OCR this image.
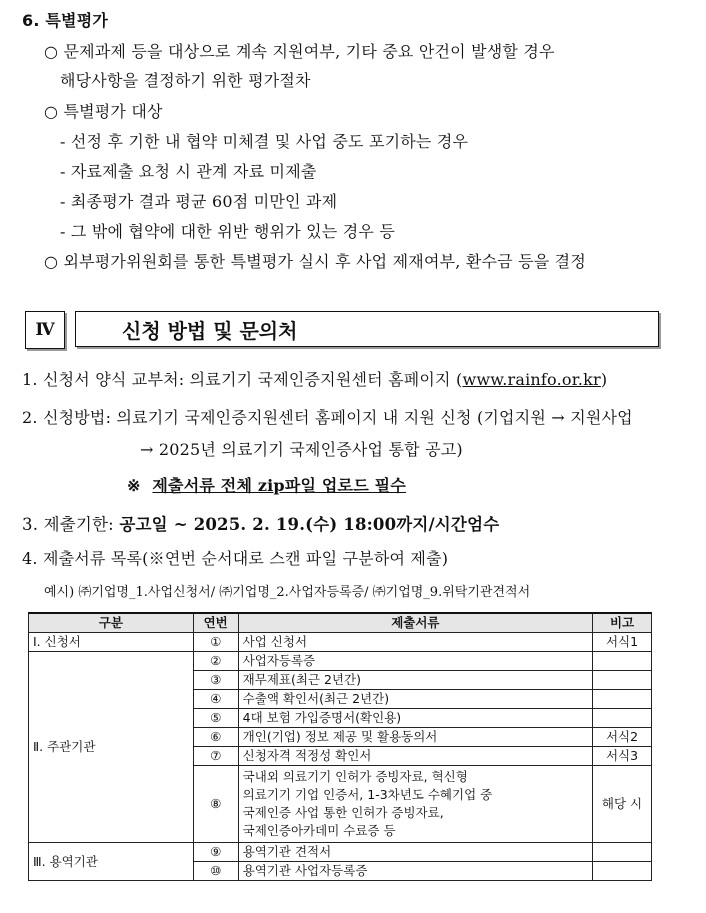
6. 특별평가
○ 문제과제 등을 대상으로 계속 지원여부, 기타 중요 안건이 발생할 경우
해당사항을 결정하기 위한 평가절차
○ 특별평가 대상
- 선정 후 기한 내 협약 미체결 및 사업 중도 포기하는 경우
- 자료제출 요청 시 관계 자료 미제출
- 최종평가 결과 평균 60점 미만인 과제
- 그 밖에 협약에 대한 위반 행위가 있는 경우 등
○ 외부평가위원회를 통한 특별평가 실시 후 사업 제재여부, 환수금 등을 결정
Ⅳ	신청 방법 및 문의처
1. 신청서 양식 교부처: 의료기기 국제인증지원센터 홈페이지 (www.rainfo.or.kr)
2. 신청방법: 의료기기 국제인증지원센터 홈페이지 내 지원 신청 (기업지원 → 지원사업
→ 2025년 의료기기 국제인증사업 통합 공고)
※ 제출서류 전체 zip파일 업로드 필수
3. 제출기한: 공고일 ~ 2025. 2. 19.(수) 18:00까지/시간엄수
4. 제출서류 목록(※연번 순서대로 스캔 파일 구분하여 제출)
예시) ㈜기업명_1.사업신청서/ ㈜기업명_2.사업자등록증/ ㈜기업명_9.위탁기관견적서
구분	연번	제출서류	비고
Ⅰ. 신청서	①	사업 신청서	서식1
Ⅱ. 주관기관	②	사업자등록증	
	③	재무제표(최근 2년간)	
	④	수출액 확인서(최근 2년간)	
	⑤	4대 보험 가입증명서(확인용)	
	⑥	개인(기업) 정보 제공 및 활용동의서	서식2
	⑦	신청자격 적정성 확인서	서식3
	⑧	국내외 의료기기 인허가 증빙자료, 혁신형
의료기기 기업 인증서, 1-3차년도 수혜기업 중
국제인증 사업 통한 인허가 증빙자료,
국제인증아카데미 수료증 등	해당 시
Ⅲ. 용역기관	⑨	용역기관 견적서	
	⑩	용역기관 사업자등록증	
